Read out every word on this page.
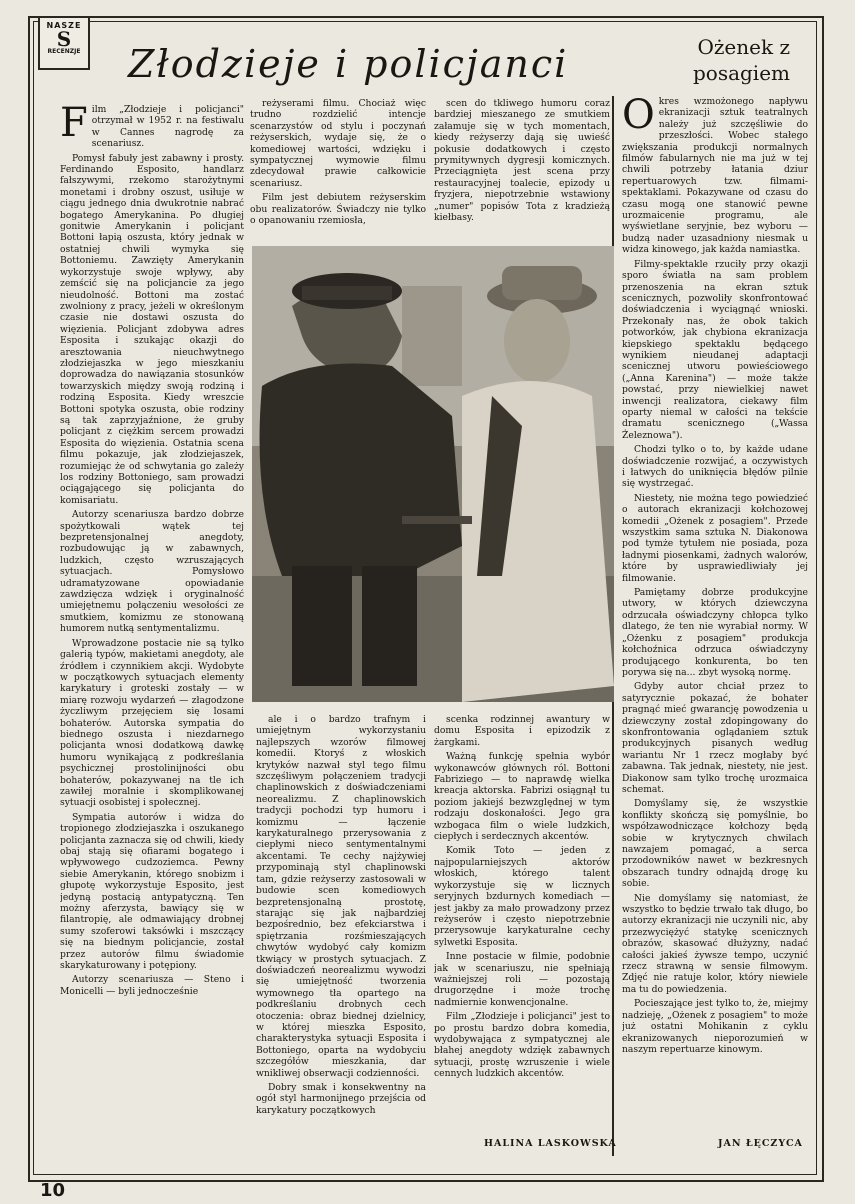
NASZE
S
RECENZJE Złodzieje i policjanci	Ożenek z posagiem

Film „Złodzieje i policjanci" otrzymał w 1952 r. na festiwalu w Cannes nagrodę za scenariusz.

Pomysł fabuły jest zabawny i prosty. Ferdinando Esposito, handlarz fałszywymi, rzekomo starożytnymi monetami i drobny oszust, usiłuje w ciągu jednego dnia dwukrotnie nabrać bogatego Amerykanina. Po długiej gonitwie Amerykanin i policjant Bottoni łapią oszusta, który jednak w ostatniej chwili wymyka się Bottoniemu. Zawzięty Amerykanin wykorzystuje swoje wpływy, aby zemścić się na policjancie za jego nieudolność. Bottoni ma zostać zwolniony z pracy, jeżeli w określonym czasie nie dostawi oszusta do więzienia. Policjant zdobywa adres Esposita i szukając okazji do aresztowania nieuchwytnego złodziejaszka w jego mieszkaniu doprowadza do nawiązania stosunków towarzyskich między swoją rodziną i rodziną Esposita. Kiedy wreszcie Bottoni spotyka oszusta, obie rodziny są tak zaprzyjaźnione, że gruby policjant z ciężkim sercem prowadzi Esposita do więzienia. Ostatnia scena filmu pokazuje, jak złodziejaszek, rozumiejąc że od schwytania go zależy los rodziny Bottoniego, sam prowadzi ociągającego się policjanta do komisariatu.

Autorzy scenariusza bardzo dobrze spożytkowali wątek tej bezpretensjonalnej anegdoty, rozbudowując ją w zabawnych, ludzkich, często wzruszających sytuacjach. Pomysłowo udramatyzowane opowiadanie zawdzięcza wdzięk i oryginalność umiejętnemu połączeniu wesołości ze smutkiem, komizmu ze stonowaną humorem nutką sentymentalizmu.

Wprowadzone postacie nie są tylko galerią typów, makietami anegdoty, ale źródłem i czynnikiem akcji. Wydobyte w początkowych sytuacjach elementy karykatury i groteski zostały — w miarę rozwoju wydarzeń — złagodzone życzliwym przejęciem się losami bohaterów. Autorska sympatia do biednego oszusta i niezdarnego policjanta wnosi dodatkową dawkę humoru wynikającą z podkreślania psychicznej prostolinijności obu bohaterów, pokazywanej na tle ich zawiłej moralnie i skomplikowanej sytuacji osobistej i społecznej.

Sympatia autorów i widza do tropionego złodziejaszka i oszukanego policjanta zaznacza się od chwili, kiedy obaj stają się ofiarami bogatego i wpływowego cudzoziemca. Pewny siebie Amerykanin, którego snobizm i głupotę wykorzystuje Esposito, jest jedyną postacią antypatyczną. Ten możny aferzysta, bawiący się w filantropię, ale odmawiający drobnej sumy szoferowi taksówki i mszczący się na biednym policjancie, został przez autorów filmu świadomie skarykaturowany i potępiony.

Autorzy scenariusza — Steno i Monicelli — byli jednocześnie

reżyserami filmu. Chociaż więc trudno rozdzielić intencje scenarzystów od stylu i poczynań reżyserskich, wydaje się, że o komediowej wartości, wdzięku i sympatycznej wymowie filmu zdecydował prawie całkowicie scenariusz.

Film jest debiutem reżyserskim obu realizatorów. Świadczy nie tylko o opanowaniu rzemiosła,

scen do tkliwego humoru coraz bardziej mieszanego ze smutkiem załamuje się w tych momentach, kiedy reżyserzy dają się uwieść pokusie dodatkowych i często prymitywnych dygresji komicznych. Przeciągnięta jest scena przy restauracyjnej toalecie, epizody u fryzjera, niepotrzebnie wstawiony „numer" popisów Tota z kradzieżą kiełbasy.

ale i o bardzo trafnym i umiejętnym wykorzystaniu najlepszych wzorów filmowej komedii. Ktoryś z włoskich krytyków nazwał styl tego filmu szczęśliwym połączeniem tradycji chaplinowskich z doświadczeniami neorealizmu. Z chaplinowskich tradycji pochodzi typ humoru i komizmu — łączenie karykaturalnego przerysowania z ciepłymi nieco sentymentalnymi akcentami. Te cechy najżywiej przypominają styl chaplinowski tam, gdzie reżyserzy zastosowali w budowie scen komediowych bezpretensjonalną prostotę, starając się jak najbardziej bezpośrednio, bez efekciarstwa i spiętrzania rozśmieszających chwytów wydobyć cały komizm tkwiący w prostych sytuacjach. Z doświadczeń neorealizmu wywodzi się umiejętność tworzenia wymownego tła opartego na podkreślaniu drobnych cech otoczenia: obraz biednej dzielnicy, w której mieszka Esposito, charakterystyka sytuacji Esposita i Bottoniego, oparta na wydobyciu szczegółów mieszkania, dar wnikliwej obserwacji codzienności.

Dobry smak i konsekwentny na ogół styl harmonijnego przejścia od karykatury początkowych

scenka rodzinnej awantury w domu Esposita i epizodzik z żargkami.

Ważną funkcję spełnia wybór wykonawców głównych ról. Bottoni Fabriziego — to naprawdę wielka kreacja aktorska. Fabrizi osiągnął tu poziom jakiejś bezwzględnej w tym rodzaju doskonałości. Jego gra wzbogaca film o wiele ludzkich, ciepłych i serdecznych akcentów.

Komik Toto — jeden z najpopularniejszych aktorów włoskich, którego talent wykorzystuje się w licznych seryjnych bzdurnych komediach — jest jakby za mało prowadzony przez reżyserów i często niepotrzebnie przerysowuje karykaturalne cechy sylwetki Esposita.

Inne postacie w filmie, podobnie jak w scenariuszu, nie spełniają ważniejszej roli — pozostają drugorzędne i może trochę nadmiernie konwencjonalne.

Film „Złodzieje i policjanci" jest to po prostu bardzo dobra komedia, wydobywająca z sympatycznej ale błahej anegdoty wdzięk zabawnych sytuacji, prostę wzruszenie i wiele cennych ludzkich akcentów.

HALINA LASKOWSKA

Okres wzmożonego napływu ekranizacji sztuk teatralnych należy już szczęśliwie do przeszłości. Wobec stałego zwiększania produkcji normalnych filmów fabularnych nie ma już w tej chwili potrzeby łatania dziur repertuarowych tzw. filmami-spektaklami. Pokazywane od czasu do czasu mogą one stanowić pewne urozmaicenie programu, ale wyświetlane seryjnie, bez wyboru — budzą nader uzasadniony niesmak u widza kinowego, jak każda namiastka.

Filmy-spektakle rzuciły przy okazji sporo światła na sam problem przenoszenia na ekran sztuk scenicznych, pozwoliły skonfrontować doświadczenia i wyciągnąć wnioski. Przekonały nas, że obok takich potworków, jak chybiona ekranizacja kiepskiego spektaklu będącego wynikiem nieudanej adaptacji scenicznej utworu powieściowego („Anna Karenina") — może także powstać, przy niewielkiej nawet inwencji realizatora, ciekawy film oparty niemal w całości na tekście dramatu scenicznego („Wassa Żeleznowa").

Chodzi tylko o to, by każde udane doświadczenie rozwijać, a oczywistych i łatwych do uniknięcia błędów pilnie się wystrzegać.

Niestety, nie można tego powiedzieć o autorach ekranizacji kołchozowej komedii „Ożenek z posagiem". Przede wszystkim sama sztuka N. Diakonowa pod tymże tytułem nie posiada, poza ładnymi piosenkami, żadnych walorów, które by usprawiedliwiały jej filmowanie.

Pamiętamy dobrze produkcyjne utwory, w których dziewczyna odrzucała oświadczyny chłopca tylko dlatego, że ten nie wyrabiał normy. W „Ożenku z posagiem" produkcja kołchoźnica odrzuca oświadczyny prodującego konkurenta, bo ten porywa się na... zbyt wysoką normę.

Gdyby autor chciał przez to satyrycznie pokazać, że bohater pragnąć mieć gwarancję powodzenia u dziewczyny został zdopingowany do skonfrontowania oglądaniem sztuk produkcyjnych pisanych według wariantu Nr 1 rzecz mogłaby być zabawna. Tak jednak, niestety, nie jest. Diakonow sam tylko trochę urozmaica schemat.

Domyślamy się, że wszystkie konflikty skończą się pomyślnie, bo współzawodniczące kołchozy będą sobie w krytycznych chwilach nawzajem pomagać, a serca przodowników nawet w bezkresnych obszarach tundry odnajdą drogę ku sobie.

Nie domyślamy się natomiast, że wszystko to będzie trwało tak długo, bo autorzy ekranizacji nie uczynili nic, aby przezwyciężyć statykę scenicznych obrazów, skasować dłużyzny, nadać całości jakieś żywsze tempo, uczynić rzecz strawną w sensie filmowym. Zdjęć nie ratuje kolor, który niewiele ma tu do powiedzenia.

Pocieszające jest tylko to, że, miejmy nadzieję, „Ożenek z posagiem" to może już ostatni Mohikanin z cyklu ekranizowanych nieporozumień w naszym repertuarze kinowym.

JAN ŁĘCZYCA
10
